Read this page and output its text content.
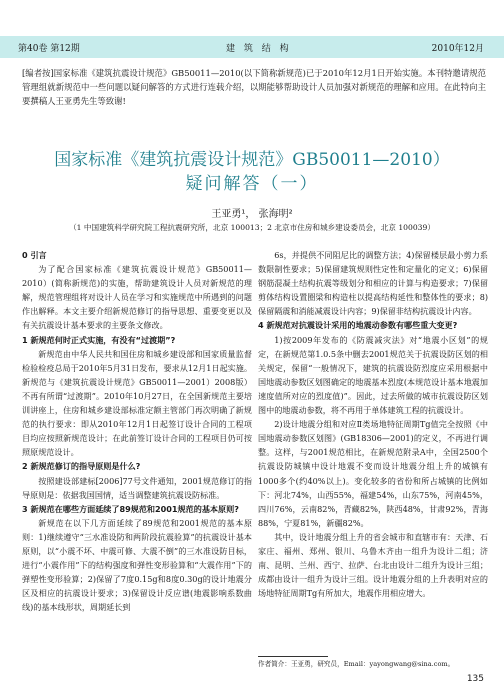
第40卷 第12期	建 筑 结 构	2010年12月
[编者按]国家标准《建筑抗震设计规范》GB50011—2010(以下简称新规范)已于2010年12月1日开始实施。本刊特邀请规范管理组就新规范中一些问题以疑问解答的方式进行连载介绍，以期能够帮助设计人员加强对新规范的理解和应用。在此特向主要撰稿人王亚勇先生等致谢!
国家标准《建筑抗震设计规范》GB50011—2010）
疑问解答（一）
王亚勇¹， 张海明²
（1 中国建筑科学研究院工程抗震研究所，北京 100013；2 北京市住房和城乡建设委员会，北京 100039）
0 引言

为了配合国家标准《建筑抗震设计规范》GB50011—2010）(简称新规范)的实施，帮助建筑设计人员对新规范的理解，规范管理组将对设计人员在学习和实施规范中所遇到的问题作出解释。本文主要介绍新规范修订的指导思想、重要变更以及有关抗震设计基本要求的主要条文修改。

1 新规范何时正式实施，有没有“过渡期”?

新规范由中华人民共和国住房和城乡建设部和国家质量监督检验检疫总局于2010年5月31日发布，要求从12月1日起实施。新规范与《建筑抗震设计规范》GB50011—2001）2008版）不再有所谓“过渡期”。2010年10月27日，在全国新规范主要培训讲座上，住房和城乡建设部标准定额主管部门再次明确了新规范的执行要求：即从2010年12月1日起签订设计合同的工程项目均应按照新规范设计；在此前签订设计合同的工程项目仍可按照原规范设计。

2 新规范修订的指导原则是什么?

按照建设部建标[2006]77号文件通知，2001规范修订的指导原则是：依据我国国情，适当调整建筑抗震设防标准。

3 新规范在哪些方面延续了89规范和2001规范的基本原则?

新规范在以下几方面延续了89规范和2001规范的基本原则：1)继续遵守“三水准设防和两阶段抗震验算”的抗震设计基本原则，以“小震不坏、中震可修、大震不倒”的三水准设防目标，进行“小震作用”下的结构强度和弹性变形验算和“大震作用”下的弹塑性变形验算；2)保留了7度0.15g和8度0.30g的设计地震分区及相应的抗震设计要求；3)保留设计反应谱(地震影响系数曲线)的基本线形状，周期延长到

6s，并提供不同阻尼比的调整方法；4)保留楼层最小剪力系数限制性要求；5)保留建筑规则性定性和定量化的定义；6)保留钢筋混凝土结构抗震等级划分和相应的计算与构造要求；7)保留剪体结构设置圈梁和构造柱以提高结构延性和整体性的要求；8)保留隔震和消能减震设计内容；9)保留非结构抗震设计内容。

4 新规范对抗震设计采用的地震动参数有哪些重大变更?

1)按2009年发布的《防震减灾法》对“地震小区划”的规定，在新规范第1.0.5条中删去2001规范关于抗震设防区划的相关规定，保留“一般情况下，建筑的抗震设防烈度应采用根据中国地震动参数区划图确定的地震基本烈度(本规范设计基本地震加速度值所对应的烈度值)”。因此，过去所做的城市抗震设防区划图中的地震动参数，将不再用于单体建筑工程的抗震设计。

2)设计地震分组和对应Ⅱ类场地特征周期Tg值完全按照《中国地震动参数区划图》(GB18306—2001)的定义，不再进行调整。这样，与2001规范相比，在新规范附录A中，全国2500个抗震设防城镇中设计地震不变而设计地震分组上升的城镇有1000多个(约40%以上)。变化较多的省份和所占城镇的比例如下：河北74%，山西55%，福建54%，山东75%，河南45%，四川76%，云南82%，青藏82%，陕西48%，甘肃92%，青海88%，宁夏81%，新疆82%。

其中，设计地震分组上升的省会城市和直辖市有：天津、石家庄、福州、郑州、银川、乌鲁木齐由一组升为设计二组；济南、昆明、兰州、西宁、拉萨、台北由设计二组升为设计三组；成都由设计一组升为设计三组。设计地震分组的上升表明对应的场地特征周期Tg有所加大，地震作用相应增大。

作者简介：王亚勇，研究员，Email：yayongwang@sina.com。
135
